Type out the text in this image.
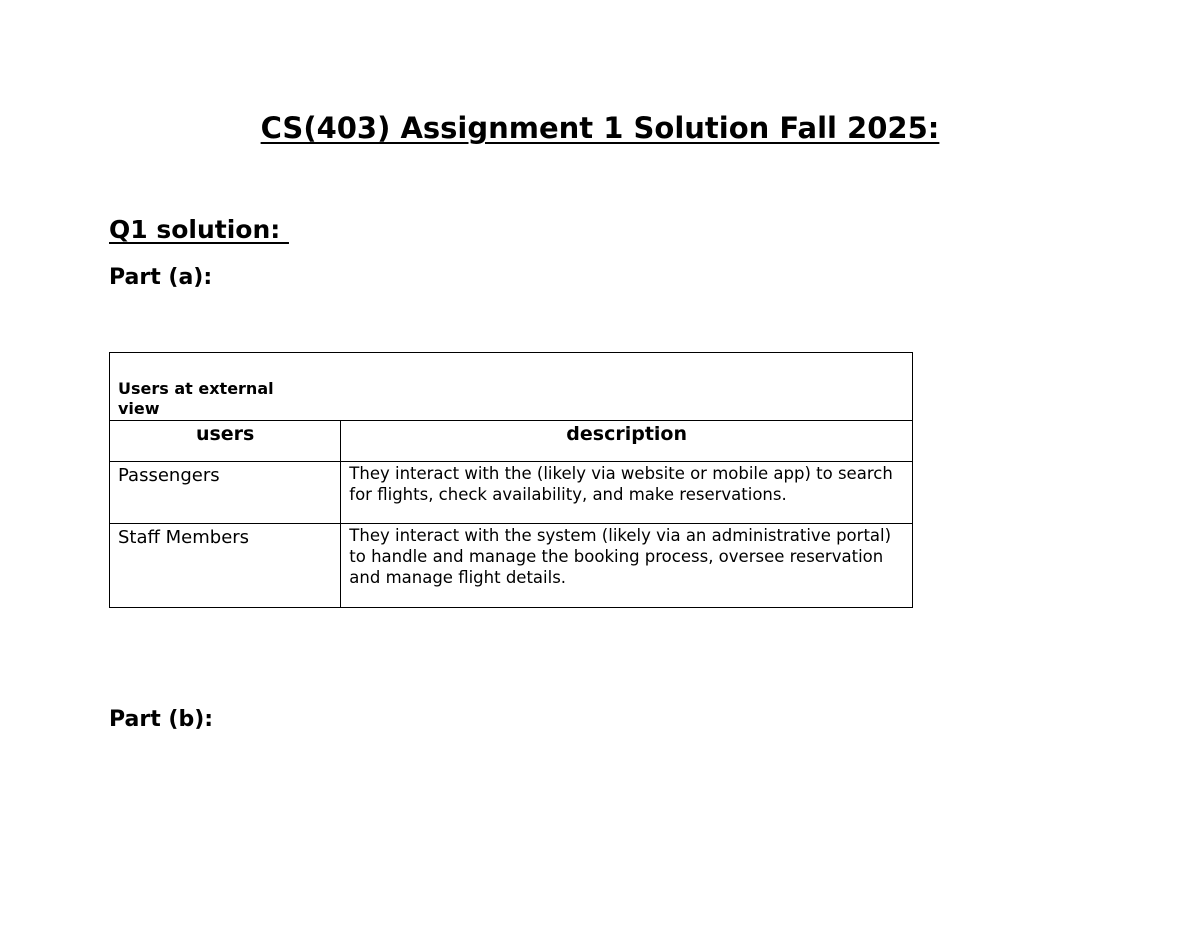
CS(403) Assignment 1 Solution Fall 2025:
Q1 solution:
Part (a):
Users at external view	

users	description
Passengers	They interact with the (likely via website or mobile app) to search for flights, check availability, and make reservations.
Staff Members	They interact with the system (likely via an administrative portal) to handle and manage the booking process, oversee reservation and manage flight details.
Part (b):
